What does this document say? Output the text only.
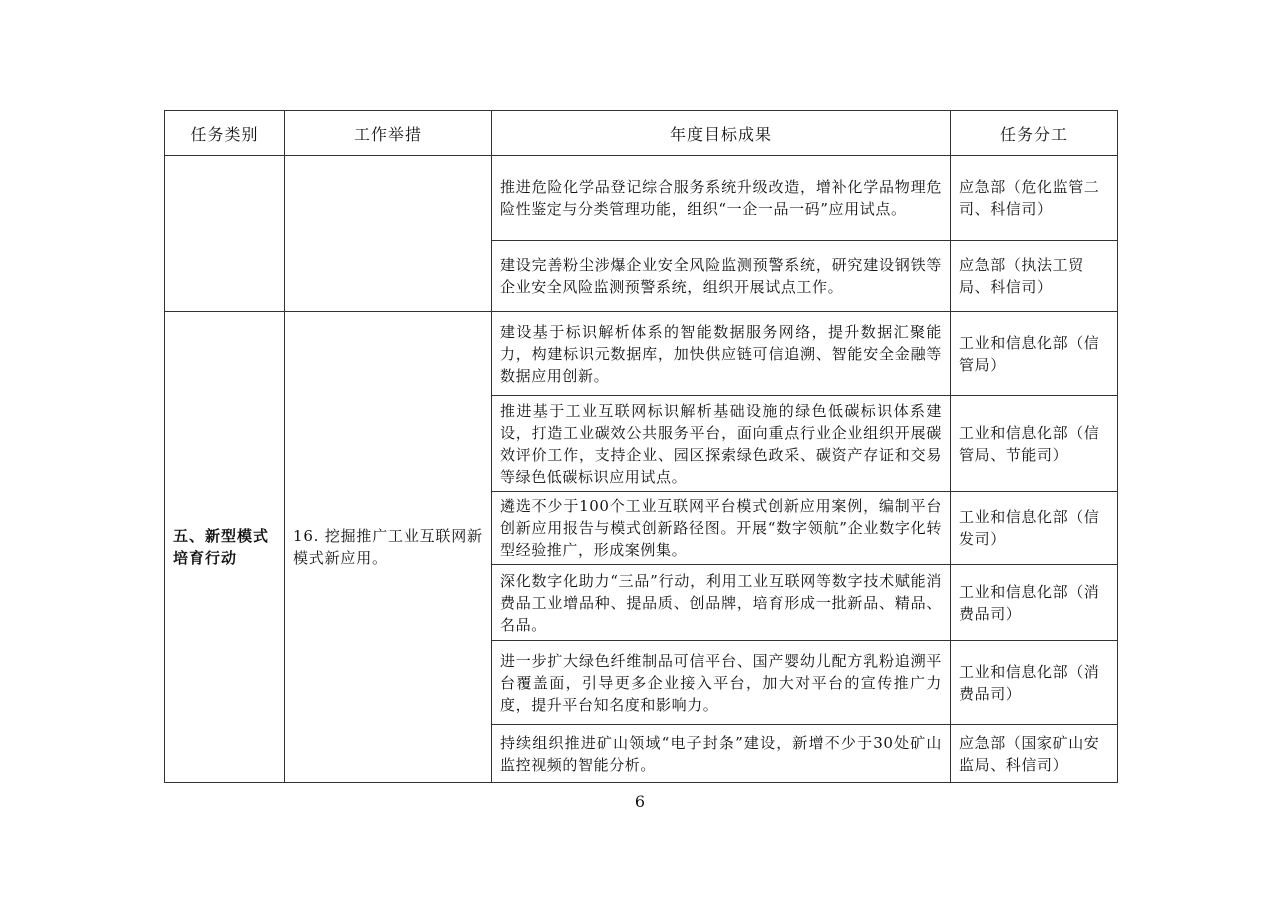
任务类别	工作举措	年度目标成果	任务分工
		推进危险化学品登记综合服务系统升级改造，增补化学品物理危险性鉴定与分类管理功能，组织“一企一品一码”应用试点。	应急部（危化监管二司、科信司）
		建设完善粉尘涉爆企业安全风险监测预警系统，研究建设钢铁等企业安全风险监测预警系统，组织开展试点工作。	应急部（执法工贸局、科信司）
五、新型模式培育行动	16. 挖掘推广工业互联网新模式新应用。	建设基于标识解析体系的智能数据服务网络，提升数据汇聚能力，构建标识元数据库，加快供应链可信追溯、智能安全金融等数据应用创新。	工业和信息化部（信管局）
		推进基于工业互联网标识解析基础设施的绿色低碳标识体系建设，打造工业碳效公共服务平台，面向重点行业企业组织开展碳效评价工作，支持企业、园区探索绿色政采、碳资产存证和交易等绿色低碳标识应用试点。	工业和信息化部（信管局、节能司）
		遴选不少于100个工业互联网平台模式创新应用案例，编制平台创新应用报告与模式创新路径图。开展“数字领航”企业数字化转型经验推广，形成案例集。	工业和信息化部（信发司）
		深化数字化助力“三品”行动，利用工业互联网等数字技术赋能消费品工业增品种、提品质、创品牌，培育形成一批新品、精品、名品。	工业和信息化部（消费品司）
		进一步扩大绿色纤维制品可信平台、国产婴幼儿配方乳粉追溯平台覆盖面，引导更多企业接入平台，加大对平台的宣传推广力度，提升平台知名度和影响力。	工业和信息化部（消费品司）
		持续组织推进矿山领域“电子封条”建设，新增不少于30处矿山监控视频的智能分析。	应急部（国家矿山安监局、科信司）
6
